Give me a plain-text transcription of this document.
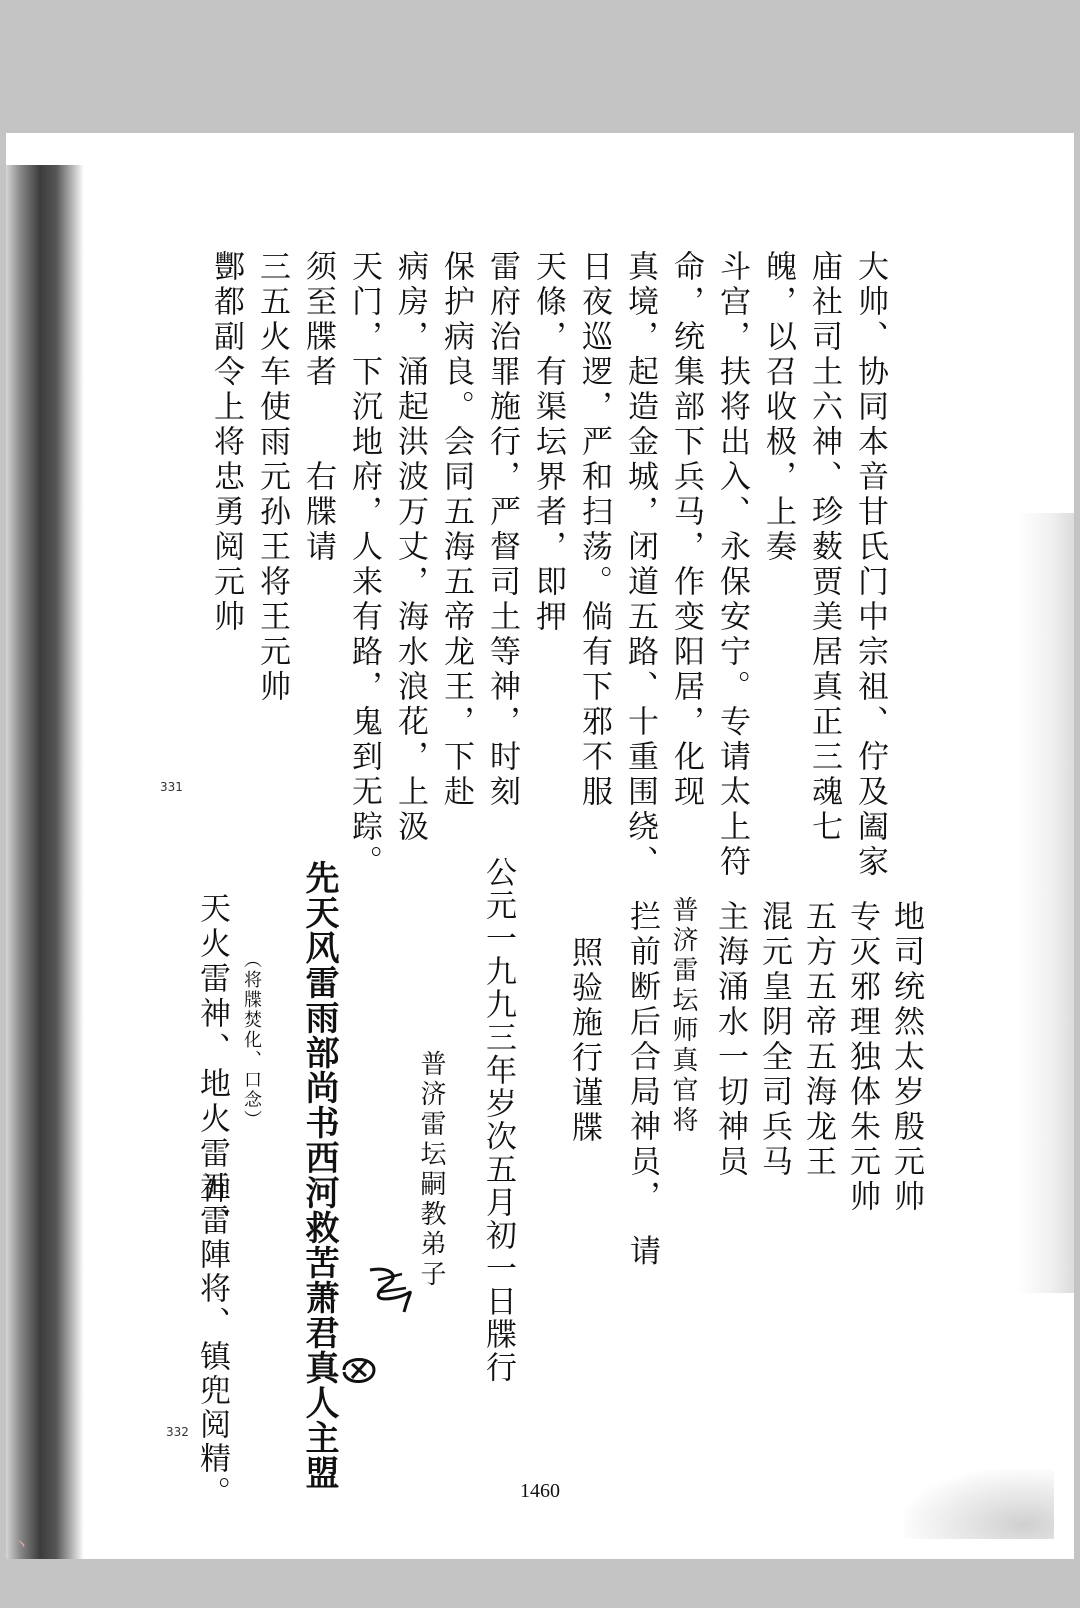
丶
大帅、协同本音甘氏门中宗祖、佇及阖家
庙社司土六神、珍薮贾美居真正三魂七
魄，以召收极，上奏
斗宫，扶将出入、永保安宁。专请太上符
命，统集部下兵马，作变阳居，化现
真境，起造金城，闭道五路、十重围绕、
日夜巡逻，严和扫荡。倘有下邪不服
天條，有渠坛界者，即押
雷府治罪施行，严督司土等神，时刻
保护病良。会同五海五帝龙王，下赴
病房，涌起洪波万丈，海水浪花，上汲
天门，下沉地府，人来有路，鬼到无踪。
须至牒者　　右牒请
三五火车使雨元孙王将王元帅
酆都副令上将忠勇阅元帅
331
地司统然太岁殷元帅
专灭邪理独体朱元帅
五方五帝五海龙王
混元皇阴全司兵马
主海涌水一切神员
普济雷坛师真官将
拦前断后合局神员，　请
照验施行谨牒
公元一九九三年岁次五月初一日牒行
普济雷坛嗣教弟子
先天风雷雨部尚书西河救苦萧君真人主盟
（将牒焚化、口念）
天火雷神、地火雷神、
五雷陣将、镇兜阅精。
332
1460
